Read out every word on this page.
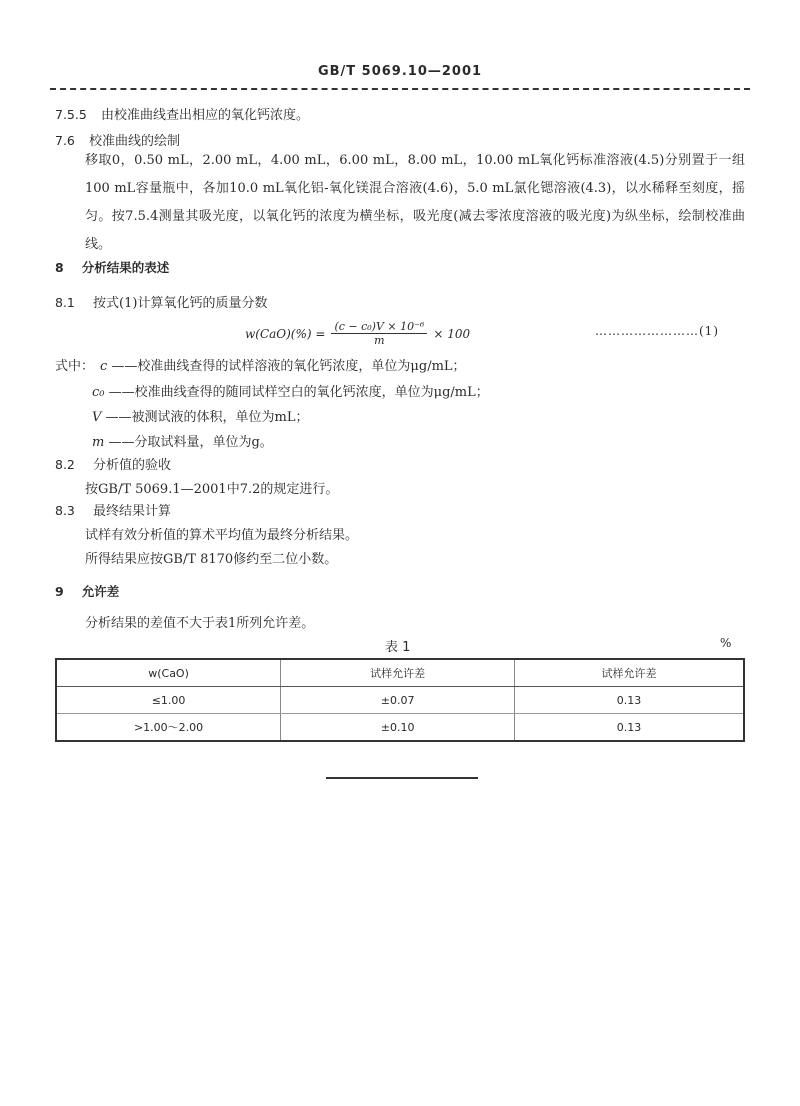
GB/T 5069.10—2001
7.5.5 由校准曲线查出相应的氧化钙浓度。
7.6 校准曲线的绘制
移取0，0.50 mL，2.00 mL，4.00 mL，6.00 mL，8.00 mL，10.00 mL氧化钙标准溶液(4.5)分别置于一组100 mL容量瓶中，各加10.0 mL氧化铝-氧化镁混合溶液(4.6)，5.0 mL氯化锶溶液(4.3)，以水稀释至刻度，摇匀。按7.5.4测量其吸光度，以氧化钙的浓度为横坐标，吸光度(减去零浓度溶液的吸光度)为纵坐标，绘制校准曲线。
8 分析结果的表述
8.1 按式(1)计算氧化钙的质量分数
$w(CaO)(\%) = \frac{\text{(c − c₀)V × 10⁻⁶}}{m} \times 100$	……………………(1)
式中： c ——校准曲线查得的试样溶液的氧化钙浓度，单位为μg/mL；
c₀ ——校准曲线查得的随同试样空白的氧化钙浓度，单位为μg/mL；
V ——被测试液的体积，单位为mL；
m ——分取试料量，单位为g。
8.2 分析值的验收
按GB/T 5069.1—2001中7.2的规定进行。
8.3 最终结果计算
试样有效分析值的算术平均值为最终分析结果。
所得结果应按GB/T 8170修约至二位小数。
9 允许差
分析结果的差值不大于表1所列允许差。
表 1	%
w(CaO)	试样允许差	试样允许差
≤1.00	±0.07	0.13
>1.00～2.00	±0.10	0.13
